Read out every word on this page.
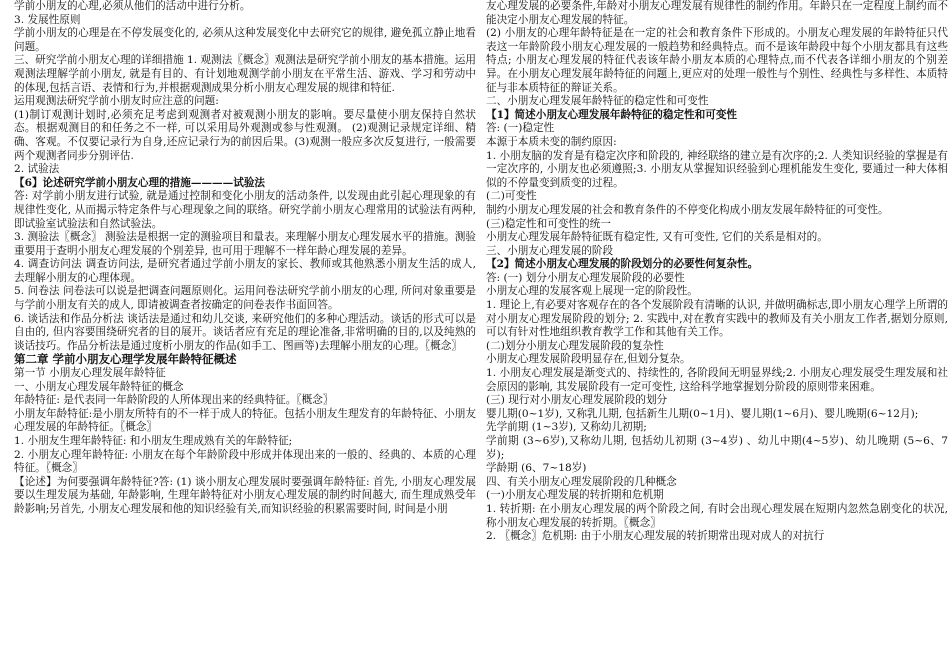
学前小朋友的心理,必须从他们的活动中进行分析。

3. 发展性原则

学前小朋友的心理是在不停发展变化的, 必须从这种发展变化中去研究它的规律, 避免孤立静止地看问题。

三、研究学前小朋友心理的详细措施 1. 观测法〖概念〗观测法是研究学前小朋友的基本措施。运用观测法理解学前小朋友, 就是有目的、有计划地观测学前小朋友在平常生活、游戏、学习和劳动中的体现,包括言语、表情和行为,并根据观测成果分析小朋友心理发展的规律和特征.

运用观测法研究学前小朋友时应注意的问题:

(1)制订观测计划时,必须充足考虑到观测者对被观测小朋友的影响。要尽量使小朋友保持自然状态。根据观测目的和任务之不一样, 可以采用局外观测或参与性观测。 (2)观测记录规定详细、精确、客观。不仅要记录行为自身,还应记录行为的前因后果。(3)观测一般应多次反复进行, 一般需要两个观测者同步分别评估.

2. 试验法

【6】论述研究学前小朋友心理的措施————试验法

答: 对学前小朋友进行试验, 就是通过控制和变化小朋友的活动条件, 以发现由此引起心理现象的有规律性变化, 从而揭示特定条件与心理现象之间的联络。研究学前小朋友心理常用的试验法有两种,即试验室试验法和自然试验法。

3. 测验法〖概念〗 测验法是根据一定的测验项目和量表。来理解小朋友心理发展水平的措施。测验重要用于查明小朋友心理发展的个别差异, 也可用于理解不一样年龄心理发展的差异。

4. 调查访问法 调查访问法, 是研究者通过学前小朋友的家长、教师或其他熟悉小朋友生活的成人, 去理解小朋友的心理体现。

5. 问卷法 问卷法可以说是把调查问题原则化。运用问卷法研究学前小朋友的心理, 所问对象重要是与学前小朋友有关的成人, 即请被调查者按确定的问卷表作书面回答。

6. 谈话法和作品分析法 谈话法是通过和幼儿交谈, 来研究他们的多种心理活动。谈话的形式可以是自由的, 但内容要围绕研究者的目的展开。谈话者应有充足的理论准备,非常明确的目的,以及纯熟的谈话技巧。作品分析法是通过度析小朋友的作品(如手工、图画等)去理解小朋友的心理。〖概念〗

第二章 学前小朋友心理学发展年龄特征概述

第一节 小朋友心理发展年龄特征

一、小朋友心理发展年龄特征的概念

年龄特征: 是代表同一年龄阶段的人所体现出来的经典特征。〖概念〗

小朋友年龄特征:是小朋友所特有的不一样于成人的特征。包括小朋友生理发育的年龄特征、小朋友心理发展的年龄特征。〖概念〗

1. 小朋友生理年龄特征: 和小朋友生理成熟有关的年龄特征;

2. 小朋友心理年龄特征: 小朋友在每个年龄阶段中形成并体现出来的一般的、经典的、本质的心理特征。〖概念〗

【论述】为何要强调年龄特征?答: (1) 谈小朋友心理发展时要强调年龄特征: 首先, 小朋友心理发展要以生理发展为基础, 年龄影响, 生理年龄特征对小朋友心理发展的制约时间越大, 而生理成熟受年龄影响;另首先, 小朋友心理发展和他的知识经验有关,而知识经验的积累需要时间, 时间是小朋

友心理发展的必要条件,年龄对小朋友心理发展有规律性的制约作用。年龄只在一定程度上制约而不能决定小朋友心理发展的特征。

(2) 小朋友的心理年龄特征是在一定的社会和教育条件下形成的。小朋友心理发展的年龄特征只代表这一年龄阶段小朋友心理发展的一般趋势和经典特点。而不是该年龄段中每个小朋友都具有这些特点; 小朋友心理发展的特征代表该年龄小朋友本质的心理特点,而不代表各详细小朋友的个别差异。在小朋友心理发展年龄特征的问题上,更应对的处理一般性与个别性、经典性与多样性、本质特征与非本质特征的辩证关系。

二、小朋友心理发展年龄特征的稳定性和可变性

【1】简述小朋友心理发展年龄特征的稳定性和可变性

答: (一)稳定性

本源于本质未变的制约原因:

1. 小朋友脑的发育是有稳定次序和阶段的, 神经联络的建立是有次序的;2. 人类知识经验的掌握是有一定次序的, 小朋友也必须遵照;3. 小朋友从掌握知识经验到心理机能发生变化, 要通过一种大体相似的不停量变到质变的过程。

(二)可变性

制约小朋友心理发展的社会和教育条件的不停变化构成小朋友发展年龄特征的可变性。

(三)稳定性和可变性的统一

小朋友心理发展年龄特征既有稳定性, 又有可变性, 它们的关系是相对的。

三、小朋友心理发展的阶段

【2】简述小朋友心理发展的阶段划分的必要性何复杂性。

答: (一) 划分小朋友心理发展阶段的必要性

小朋友心理的发展客观上展现一定的阶段性。

1. 理论上,有必要对客观存在的各个发展阶段有清晰的认识, 并做明确标志,即小朋友心理学上所谓的对小朋友心理发展阶段的划分; 2. 实践中,对在教育实践中的教师及有关小朋友工作者,据划分原则,可以有针对性地组织教育教学工作和其他有关工作。

(二)划分小朋友心理发展阶段的复杂性

小朋友心理发展阶段明显存在,但划分复杂。

1. 小朋友心理发展是渐变式的、持续性的, 各阶段间无明显界线;2. 小朋友心理发展受生理发展和社会原因的影响, 其发展阶段有一定可变性, 这给科学地掌握划分阶段的原则带来困难。

(三) 现行对小朋友心理发展阶段的划分

婴儿期(0~1岁), 又称乳儿期, 包括新生儿期(0~1月)、婴儿期(1~6月)、婴儿晚期(6~12月);

先学前期 (1~3岁), 又称幼儿初期;

学前期 (3~6岁),又称幼儿期, 包括幼儿初期 (3~4岁) 、幼儿中期(4~5岁)、幼儿晚期 (5~6、7岁);

学龄期 (6、7~18岁)

四、有关小朋友心理发展阶段的几种概念

(一)小朋友心理发展的转折期和危机期

1. 转折期: 在小朋友心理发展的两个阶段之间, 有时会出现心理发展在短期内忽然急剧变化的状况, 称小朋友心理发展的转折期。〖概念〗

2. 〖概念〗危机期: 由于小朋友心理发展的转折期常出现对成人的对抗行
